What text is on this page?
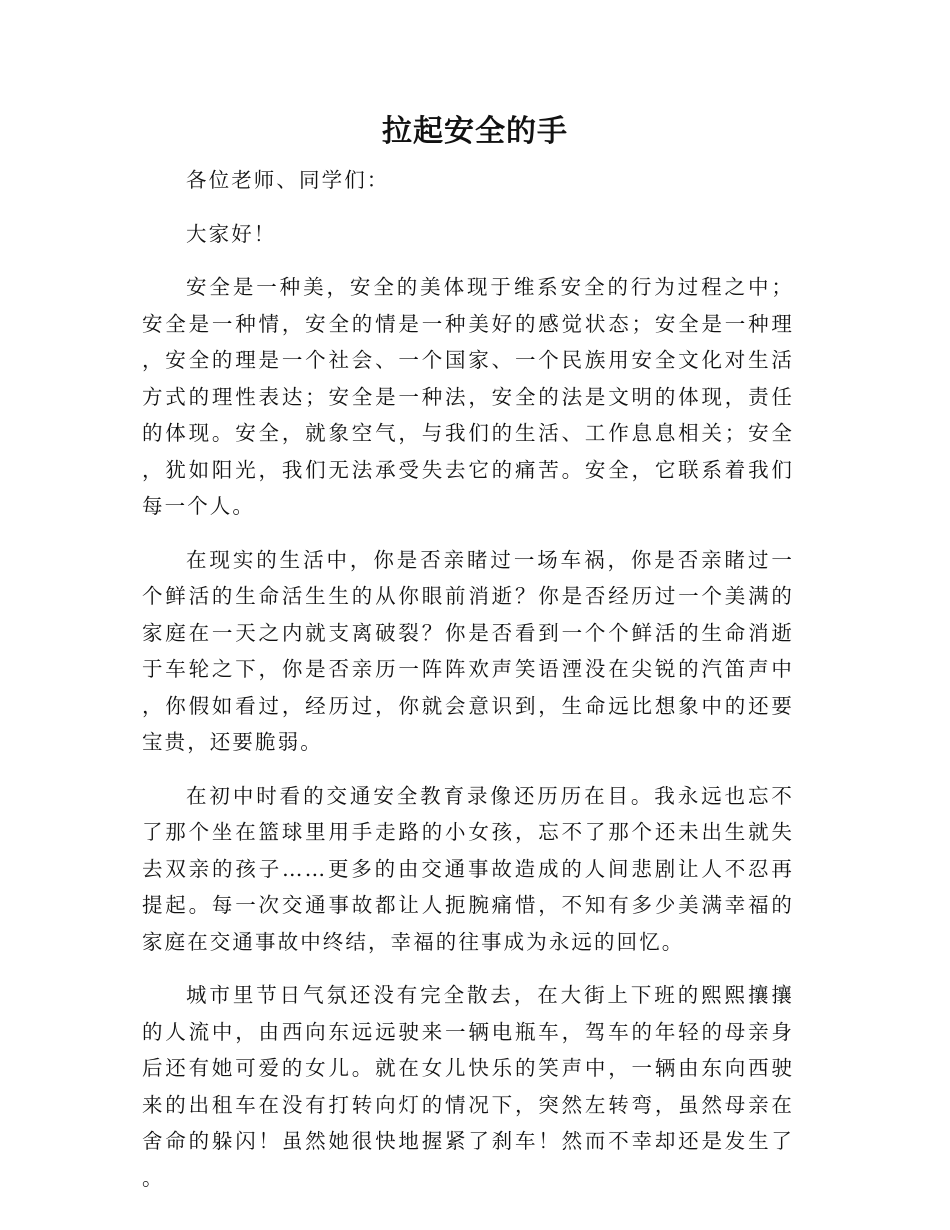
拉起安全的手

各位老师、同学们：

大家好！

安全是一种美，安全的美体现于维系安全的行为过程之中；安全是一种情，安全的情是一种美好的感觉状态；安全是一种理，安全的理是一个社会、一个国家、一个民族用安全文化对生活方式的理性表达；安全是一种法，安全的法是文明的体现，责任的体现。安全，就象空气，与我们的生活、工作息息相关；安全，犹如阳光，我们无法承受失去它的痛苦。安全，它联系着我们每一个人。

在现实的生活中，你是否亲睹过一场车祸，你是否亲睹过一个鲜活的生命活生生的从你眼前消逝？你是否经历过一个美满的家庭在一天之内就支离破裂？你是否看到一个个鲜活的生命消逝于车轮之下，你是否亲历一阵阵欢声笑语湮没在尖锐的汽笛声中，你假如看过，经历过，你就会意识到，生命远比想象中的还要宝贵，还要脆弱。

在初中时看的交通安全教育录像还历历在目。我永远也忘不了那个坐在篮球里用手走路的小女孩，忘不了那个还未出生就失去双亲的孩子……更多的由交通事故造成的人间悲剧让人不忍再提起。每一次交通事故都让人扼腕痛惜，不知有多少美满幸福的家庭在交通事故中终结，幸福的往事成为永远的回忆。

城市里节日气氛还没有完全散去，在大街上下班的熙熙攘攘的人流中，由西向东远远驶来一辆电瓶车，驾车的年轻的母亲身后还有她可爱的女儿。就在女儿快乐的笑声中，一辆由东向西驶来的出租车在没有打转向灯的情况下，突然左转弯，虽然母亲在舍命的躲闪！虽然她很快地握紧了刹车！然而不幸却还是发生了。
